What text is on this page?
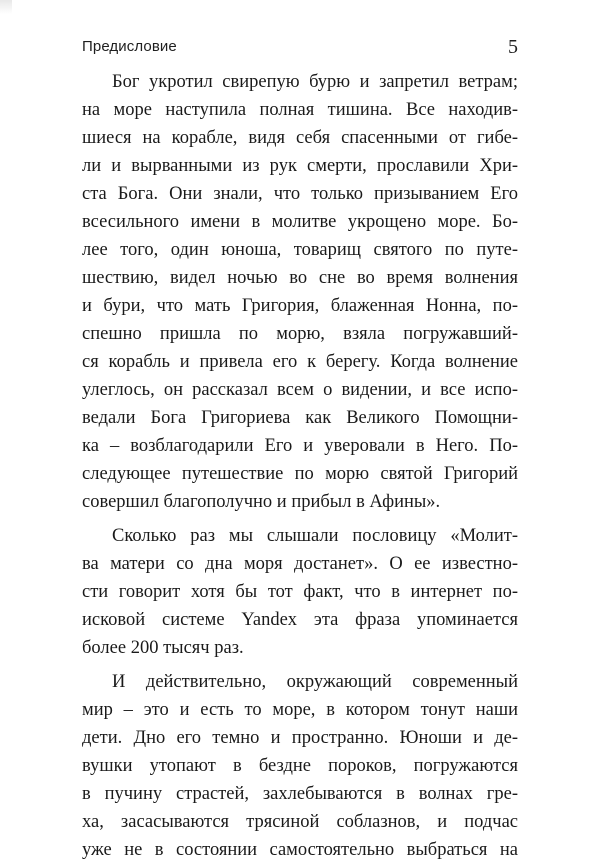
Предисловие	5
Бог укротил свирепую бурю и запретил ветрам;
на море наступила полная тишина. Все находив-
шиеся на корабле, видя себя спасенными от гибе-
ли и вырванными из рук смерти, прославили Хри-
ста Бога. Они знали, что только призыванием Его
всесильного имени в молитве укрощено море. Бо-
лее того, один юноша, товарищ святого по путе-
шествию, видел ночью во сне во время волнения
и бури, что мать Григория, блаженная Нонна, по-
спешно пришла по морю, взяла погружавший-
ся корабль и привела его к берегу. Когда волнение
улеглось, он рассказал всем о видении, и все испо-
ведали Бога Григориева как Великого Помощни-
ка – возблагодарили Его и уверовали в Него. По-
следующее путешествие по морю святой Григорий
совершил благополучно и прибыл в Афины».
Сколько раз мы слышали пословицу «Молит-
ва матери со дна моря достанет». О ее известно-
сти говорит хотя бы тот факт, что в интернет по-
исковой системе Yandex эта фраза упоминается
более 200 тысяч раз.
И действительно, окружающий современный
мир – это и есть то море, в котором тонут наши
дети. Дно его темно и пространно. Юноши и де-
вушки утопают в бездне пороков, погружаются
в пучину страстей, захлебываются в волнах гре-
ха, засасываются трясиной соблазнов, и подчас
уже не в состоянии самостоятельно выбраться на
